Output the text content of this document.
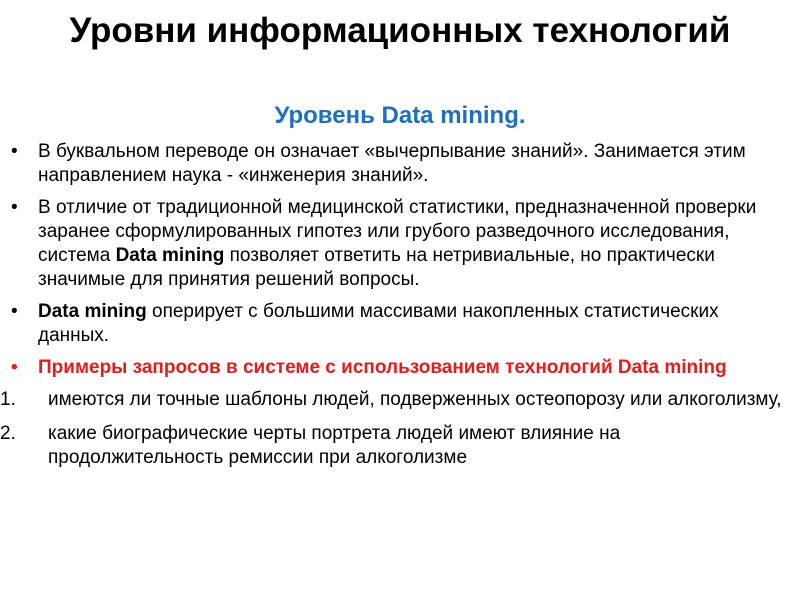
Уровни информационных технологий
Уровень Data mining.
• В буквальном переводе он означает «вычерпывание знаний». Занимается этим направлением наука - «инженерия знаний».
• В отличие от традиционной медицинской статистики, предназначенной проверки заранее сформулированных гипотез или грубого разведочного исследования, система Data mining позволяет ответить на нетривиальные, но практически значимые для принятия решений вопросы.
• Data mining оперирует с большими массивами накопленных статистических данных.
• Примеры запросов в системе с использованием технологий Data mining
1. имеются ли точные шаблоны людей, подверженных остеопорозу или алкоголизму,
2. какие биографические черты портрета людей имеют влияние на продолжительность ремиссии при алкоголизме
